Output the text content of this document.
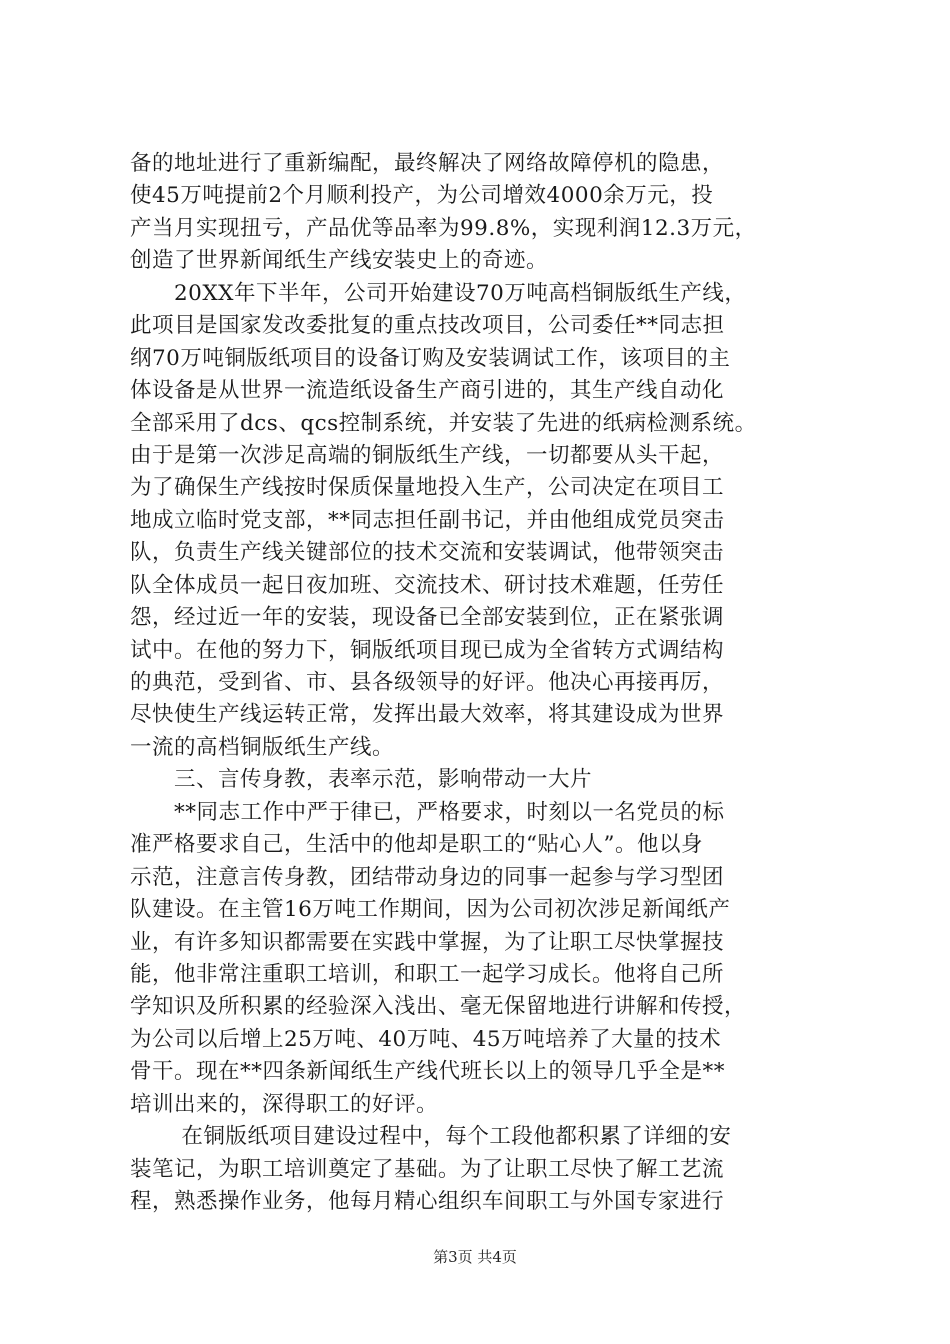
备的地址进行了重新编配，最终解决了网络故障停机的隐患，
使45万吨提前2个月顺利投产，为公司增效4000余万元，投
产当月实现扭亏，产品优等品率为99.8%，实现利润12.3万元，
创造了世界新闻纸生产线安装史上的奇迹。
　　20XX年下半年，公司开始建设70万吨高档铜版纸生产线，
此项目是国家发改委批复的重点技改项目，公司委任**同志担
纲70万吨铜版纸项目的设备订购及安装调试工作，该项目的主
体设备是从世界一流造纸设备生产商引进的，其生产线自动化
全部采用了dcs、qcs控制系统，并安装了先进的纸病检测系统。
由于是第一次涉足高端的铜版纸生产线，一切都要从头干起，
为了确保生产线按时保质保量地投入生产，公司决定在项目工
地成立临时党支部，**同志担任副书记，并由他组成党员突击
队，负责生产线关键部位的技术交流和安装调试，他带领突击
队全体成员一起日夜加班、交流技术、研讨技术难题，任劳任
怨，经过近一年的安装，现设备已全部安装到位，正在紧张调
试中。在他的努力下，铜版纸项目现已成为全省转方式调结构
的典范，受到省、市、县各级领导的好评。他决心再接再厉，
尽快使生产线运转正常，发挥出最大效率，将其建设成为世界
一流的高档铜版纸生产线。
　　三、言传身教，表率示范，影响带动一大片
　　**同志工作中严于律已，严格要求，时刻以一名党员的标
准严格要求自己，生活中的他却是职工的“贴心人”。他以身
示范，注意言传身教，团结带动身边的同事一起参与学习型团
队建设。在主管16万吨工作期间，因为公司初次涉足新闻纸产
业，有许多知识都需要在实践中掌握，为了让职工尽快掌握技
能，他非常注重职工培训，和职工一起学习成长。他将自己所
学知识及所积累的经验深入浅出、毫无保留地进行讲解和传授，
为公司以后增上25万吨、40万吨、45万吨培养了大量的技术
骨干。现在**四条新闻纸生产线代班长以上的领导几乎全是**
培训出来的，深得职工的好评。
　　 在铜版纸项目建设过程中，每个工段他都积累了详细的安
装笔记，为职工培训奠定了基础。为了让职工尽快了解工艺流
程，熟悉操作业务，他每月精心组织车间职工与外国专家进行
第3页 共4页
